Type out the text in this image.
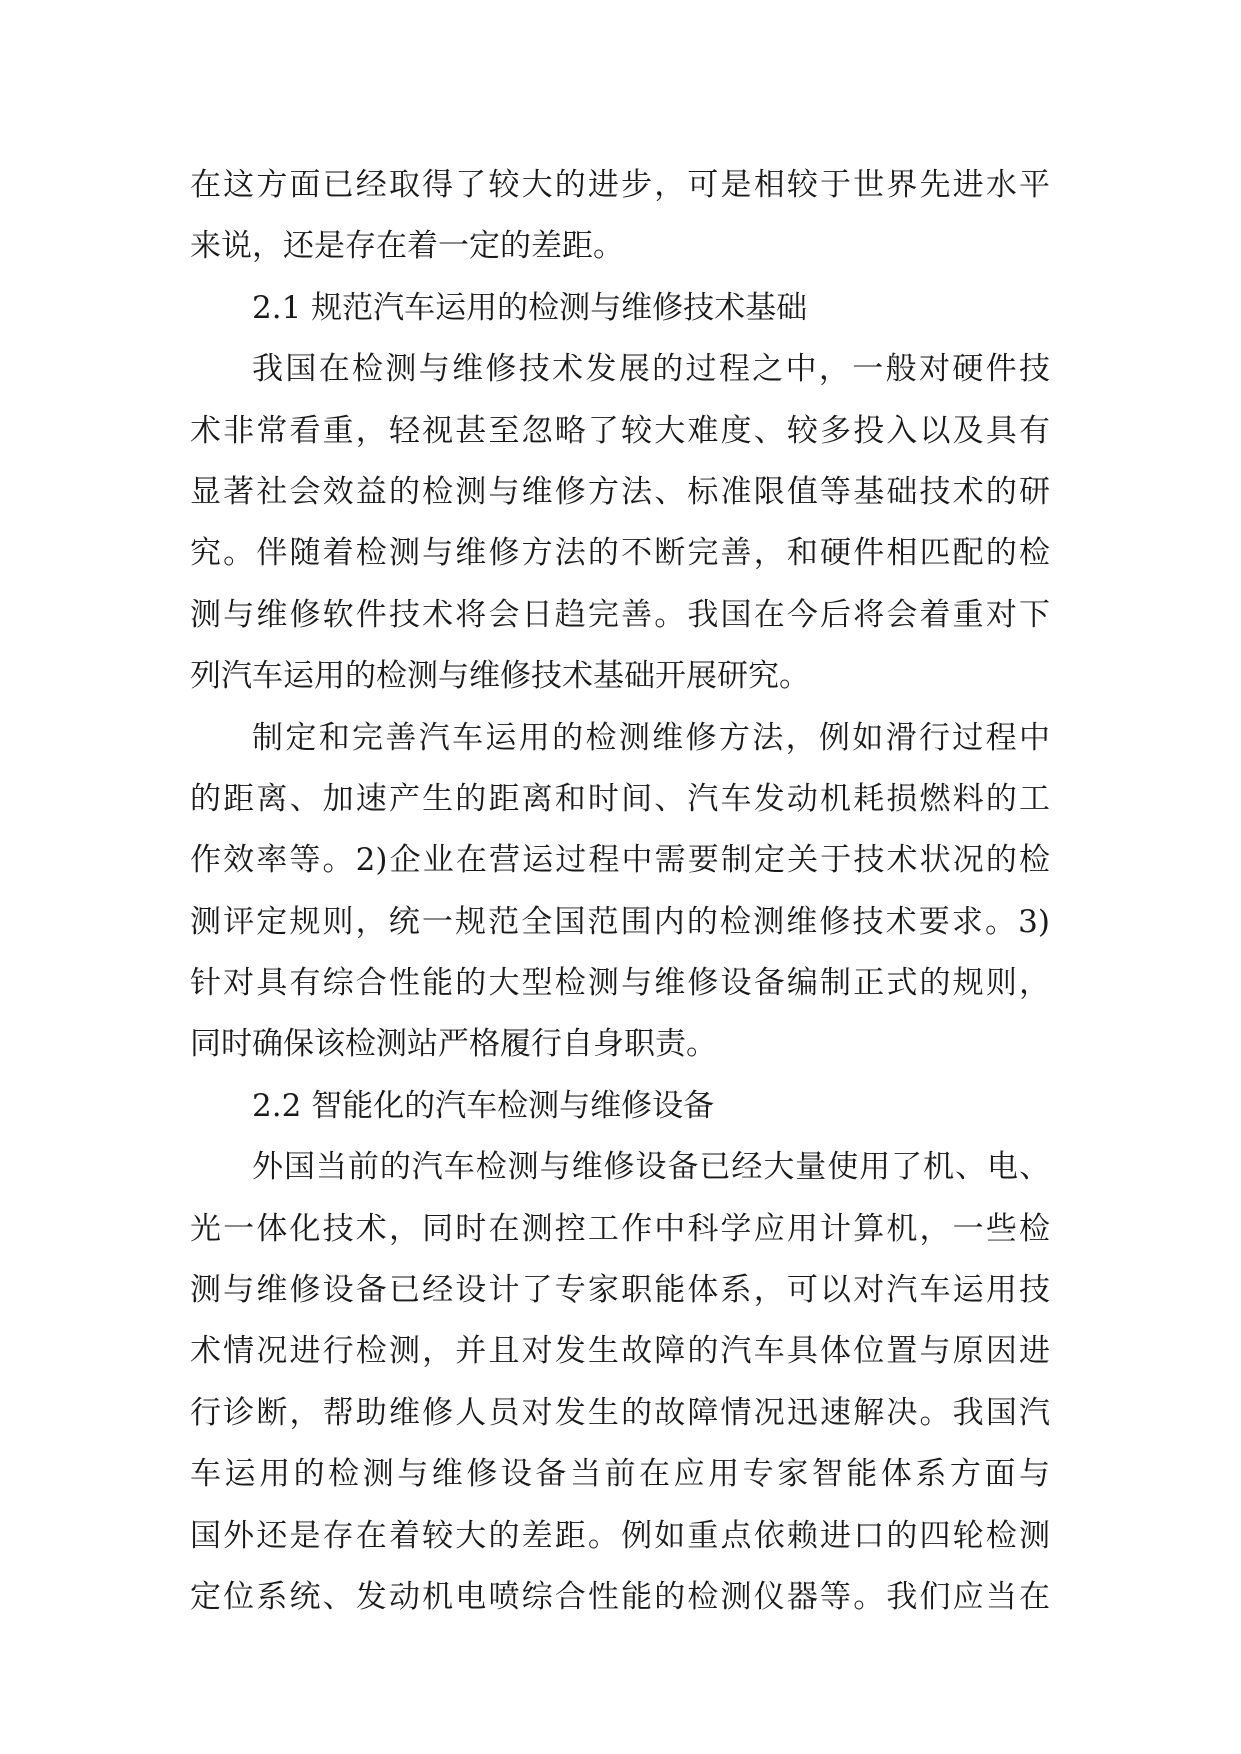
在这方面已经取得了较大的进步，可是相较于世界先进水平
来说，还是存在着一定的差距。
2.1 规范汽车运用的检测与维修技术基础
我国在检测与维修技术发展的过程之中，一般对硬件技
术非常看重，轻视甚至忽略了较大难度、较多投入以及具有
显著社会效益的检测与维修方法、标准限值等基础技术的研
究。伴随着检测与维修方法的不断完善，和硬件相匹配的检
测与维修软件技术将会日趋完善。我国在今后将会着重对下
列汽车运用的检测与维修技术基础开展研究。
制定和完善汽车运用的检测维修方法，例如滑行过程中
的距离、加速产生的距离和时间、汽车发动机耗损燃料的工
作效率等。2)企业在营运过程中需要制定关于技术状况的检
测评定规则，统一规范全国范围内的检测维修技术要求。3)
针对具有综合性能的大型检测与维修设备编制正式的规则，
同时确保该检测站严格履行自身职责。
2.2 智能化的汽车检测与维修设备
外国当前的汽车检测与维修设备已经大量使用了机、电、
光一体化技术，同时在测控工作中科学应用计算机，一些检
测与维修设备已经设计了专家职能体系，可以对汽车运用技
术情况进行检测，并且对发生故障的汽车具体位置与原因进
行诊断，帮助维修人员对发生的故障情况迅速解决。我国汽
车运用的检测与维修设备当前在应用专家智能体系方面与
国外还是存在着较大的差距。例如重点依赖进口的四轮检测
定位系统、发动机电喷综合性能的检测仪器等。我们应当在
